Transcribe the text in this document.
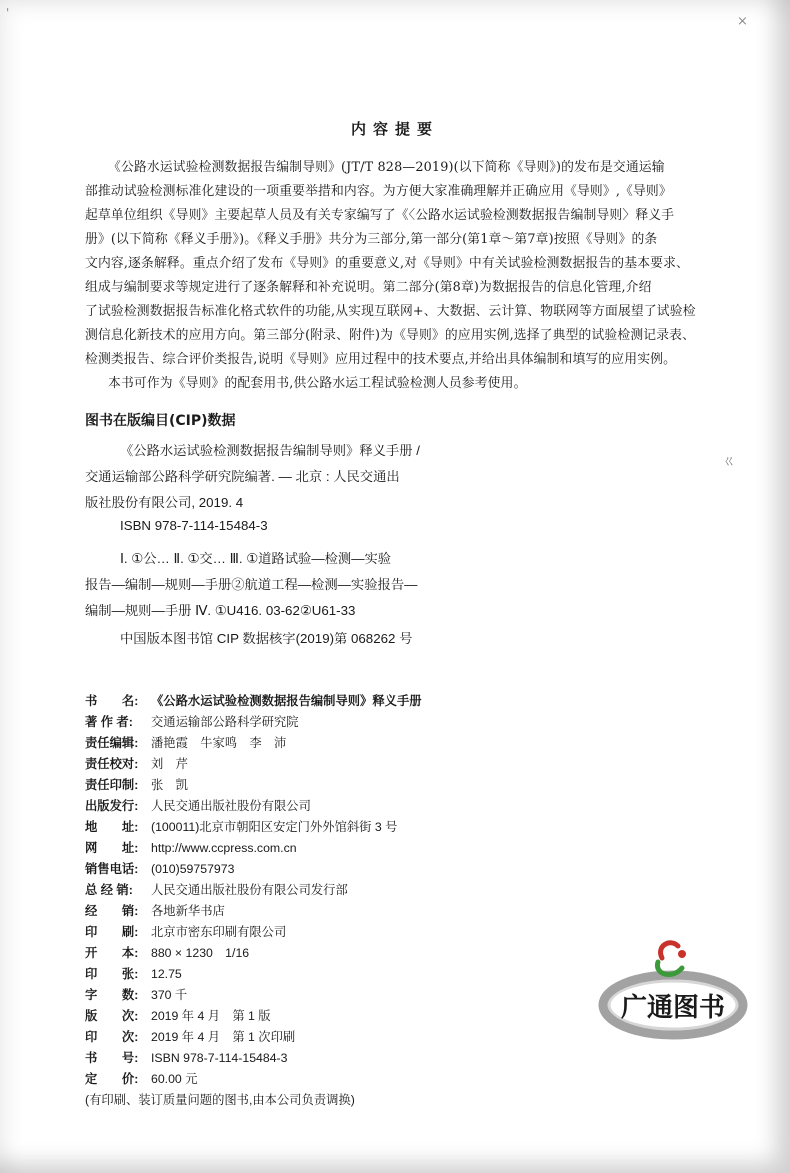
'
×
内容提要
《公路水运试验检测数据报告编制导则》(JT/T 828—2019)(以下简称《导则》)的发布是交通运输
部推动试验检测标准化建设的一项重要举措和内容。为方便大家准确理解并正确应用《导则》,《导则》
起草单位组织《导则》主要起草人员及有关专家编写了《〈公路水运试验检测数据报告编制导则〉释义手
册》(以下简称《释义手册》)。《释义手册》共分为三部分,第一部分(第1章～第7章)按照《导则》的条
文内容,逐条解释。重点介绍了发布《导则》的重要意义,对《导则》中有关试验检测数据报告的基本要求、
组成与编制要求等规定进行了逐条解释和补充说明。第二部分(第8章)为数据报告的信息化管理,介绍
了试验检测数据报告标准化格式软件的功能,从实现互联网+、大数据、云计算、物联网等方面展望了试验检
测信息化新技术的应用方向。第三部分(附录、附件)为《导则》的应用实例,选择了典型的试验检测记录表、
检测类报告、综合评价类报告,说明《导则》应用过程中的技术要点,并给出具体编制和填写的应用实例。
本书可作为《导则》的配套用书,供公路水运工程试验检测人员参考使用。
图书在版编目(CIP)数据
ㄍ
《公路水运试验检测数据报告编制导则》释义手册 /
交通运输部公路科学研究院编著. — 北京 : 人民交通出
版社股份有限公司, 2019. 4
ISBN 978-7-114-15484-3
Ⅰ. ①公… Ⅱ. ①交… Ⅲ. ①道路试验—检测—实验
报告—编制—规则—手册②航道工程—检测—实验报告—
编制—规则—手册 Ⅳ. ①U416. 03-62②U61-33
中国版本图书馆 CIP 数据核字(2019)第 068262 号
书　　名: 《公路水运试验检测数据报告编制导则》释义手册
著 作 者: 交通运输部公路科学研究院
责任编辑: 潘艳霞　牛家鸣　李　沛
责任校对: 刘　芹
责任印制: 张　凯
出版发行: 人民交通出版社股份有限公司
地　　址: (100011)北京市朝阳区安定门外外馆斜街 3 号
网　　址: http://www.ccpress.com.cn
销售电话: (010)59757973
总 经 销: 人民交通出版社股份有限公司发行部
经　　销: 各地新华书店
印　　刷: 北京市密东印刷有限公司
开　　本: 880 × 1230　1/16
印　　张: 12.75
字　　数: 370 千
版　　次: 2019 年 4 月　第 1 版
印　　次: 2019 年 4 月　第 1 次印刷
书　　号: ISBN 978-7-114-15484-3
定　　价: 60.00 元
(有印刷、装订质量问题的图书,由本公司负责调换)
广通图书
